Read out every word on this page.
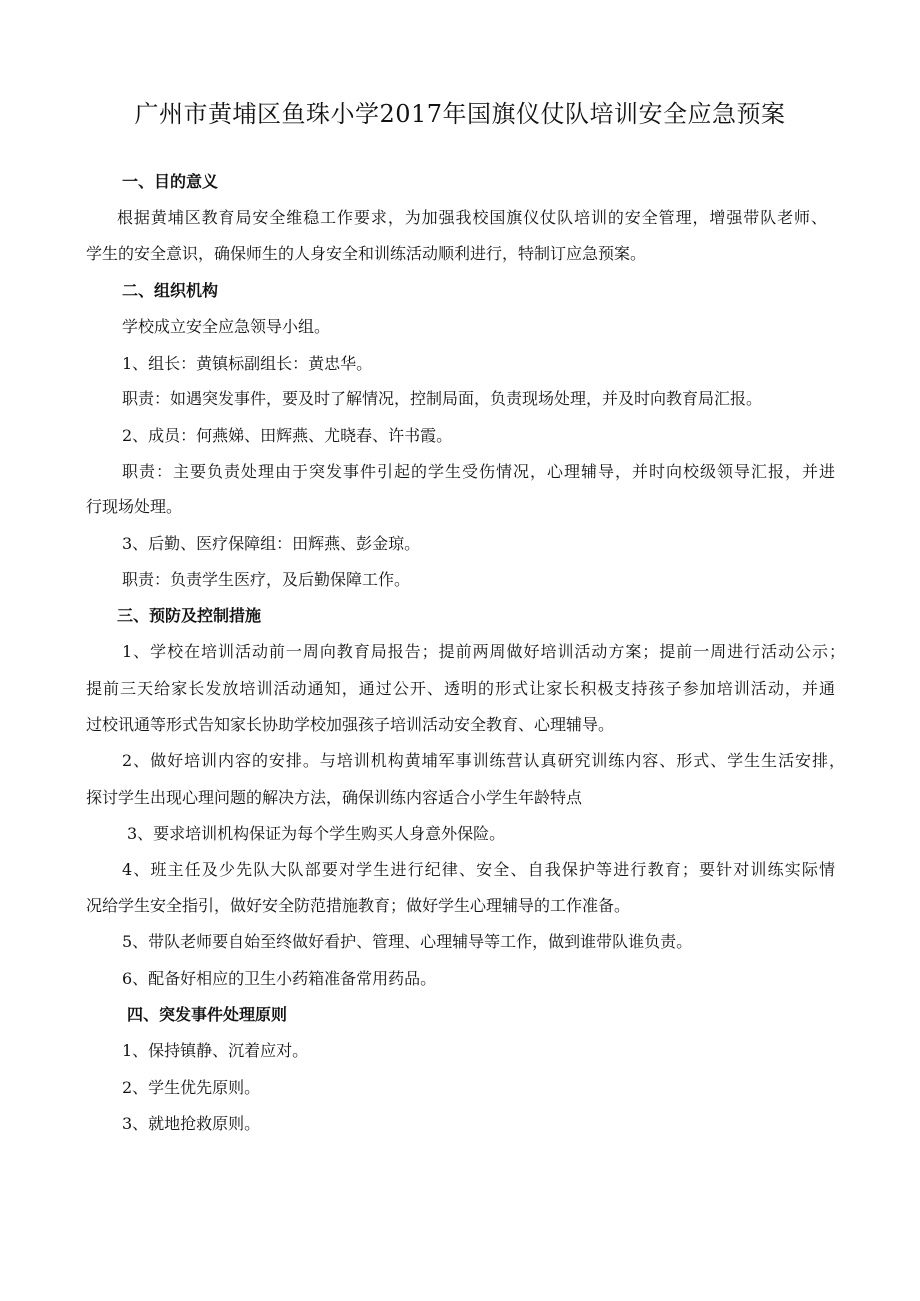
广州市黄埔区鱼珠小学2017年国旗仪仗队培训安全应急预案
一、目的意义
根据黄埔区教育局安全维稳工作要求，为加强我校国旗仪仗队培训的安全管理，增强带队老师、
学生的安全意识，确保师生的人身安全和训练活动顺利进行，特制订应急预案。
二、组织机构
学校成立安全应急领导小组。
1、组长：黄镇标副组长：黄忠华。
职责：如遇突发事件，要及时了解情况，控制局面，负责现场处理，并及时向教育局汇报。
2、成员：何燕娣、田辉燕、尤晓春、许书霞。
职责：主要负责处理由于突发事件引起的学生受伤情况，心理辅导，并时向校级领导汇报，并进
行现场处理。
3、后勤、医疗保障组：田辉燕、彭金琼。
职责：负责学生医疗，及后勤保障工作。
三、预防及控制措施
1、学校在培训活动前一周向教育局报告；提前两周做好培训活动方案；提前一周进行活动公示；
提前三天给家长发放培训活动通知，通过公开、透明的形式让家长积极支持孩子参加培训活动，并通
过校讯通等形式告知家长协助学校加强孩子培训活动安全教育、心理辅导。
2、做好培训内容的安排。与培训机构黄埔军事训练营认真研究训练内容、形式、学生生活安排，
探讨学生出现心理问题的解决方法，确保训练内容适合小学生年龄特点
3、要求培训机构保证为每个学生购买人身意外保险。
4、班主任及少先队大队部要对学生进行纪律、安全、自我保护等进行教育；要针对训练实际情
况给学生安全指引，做好安全防范措施教育；做好学生心理辅导的工作准备。
5、带队老师要自始至终做好看护、管理、心理辅导等工作，做到谁带队谁负责。
6、配备好相应的卫生小药箱准备常用药品。
四、突发事件处理原则
1、保持镇静、沉着应对。
2、学生优先原则。
3、就地抢救原则。
